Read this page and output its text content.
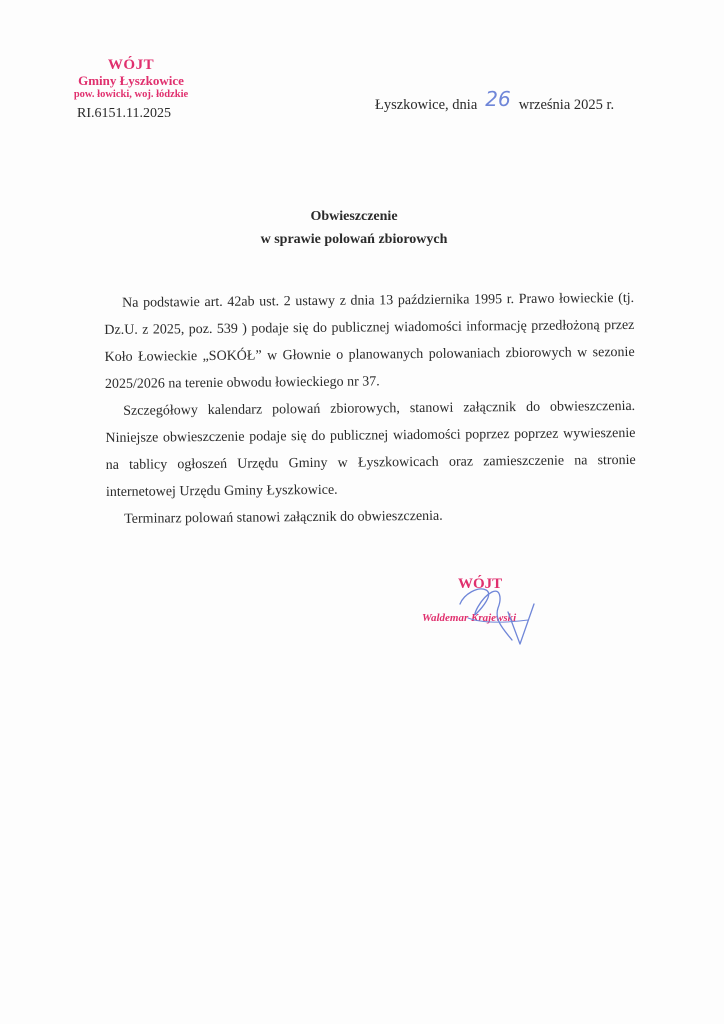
WÓJT
Gminy Łyszkowice
pow. łowicki, woj. łódzkie
RI.6151.11.2025
Łyszkowice, dnia 26 września 2025 r.
Obwieszczenie
w sprawie polowań zbiorowych

Na podstawie art. 42ab ust. 2 ustawy z dnia 13 października 1995 r. Prawo łowieckie (tj. Dz.U. z 2025, poz. 539 ) podaje się do publicznej wiadomości informację przedłożoną przez Koło Łowieckie „SOKÓŁ” w Głownie o planowanych polowaniach zbiorowych w sezonie 2025/2026 na terenie obwodu łowieckiego nr 37.

Szczegółowy kalendarz polowań zbiorowych, stanowi załącznik do obwieszczenia. Niniejsze obwieszczenie podaje się do publicznej wiadomości poprzez poprzez wywieszenie na tablicy ogłoszeń Urzędu Gminy w Łyszkowicach oraz zamieszczenie na stronie internetowej Urzędu Gminy Łyszkowice.

Terminarz polowań stanowi załącznik do obwieszczenia.

WÓJT
Waldemar Krajewski
